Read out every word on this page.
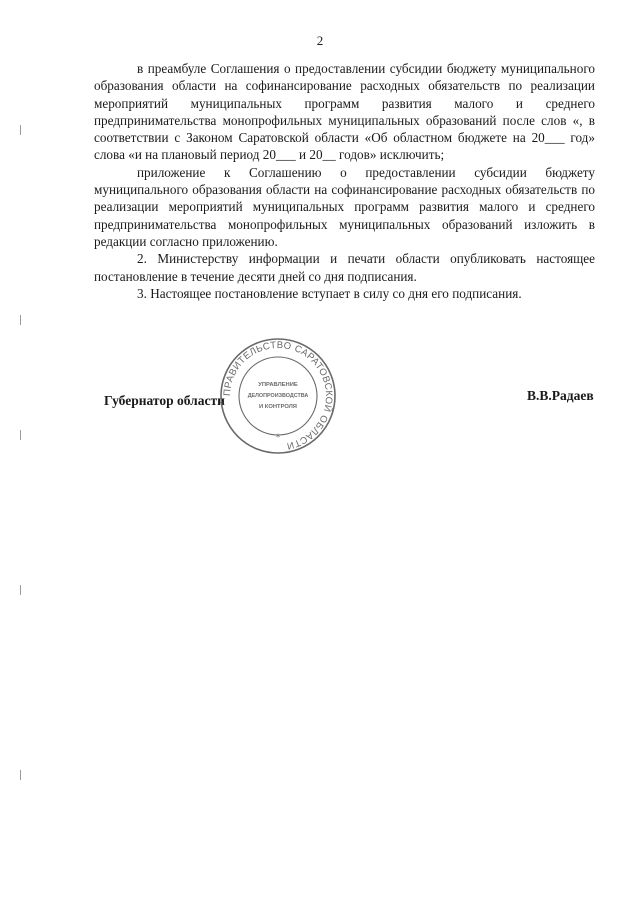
2

в преамбуле Соглашения о предоставлении субсидии бюджету муниципального образования области на софинансирование расходных обязательств по реализации мероприятий муниципальных программ развития малого и среднего предпринимательства монопрофильных муниципальных образований после слов «, в соответствии с Законом Саратовской области «Об областном бюджете на 20___ год» слова «и на плановый период 20___ и 20__ годов» исключить;

приложение к Соглашению о предоставлении субсидии бюджету муниципального образования области на софинансирование расходных обязательств по реализации мероприятий муниципальных программ развития малого и среднего предпринимательства монопрофильных муниципальных образований изложить в редакции согласно приложению.

2. Министерству информации и печати области опубликовать настоящее постановление в течение десяти дней со дня подписания.

3. Настоящее постановление вступает в силу со дня его подписания.

Губернатор области	В.В.Радаев
ПРАВИТЕЛЬСТВО САРАТОВСКОЙ ОБЛАСТИ
*
УПРАВЛЕНИЕ
ДЕЛОПРОИЗВОДСТВА
И КОНТРОЛЯ
